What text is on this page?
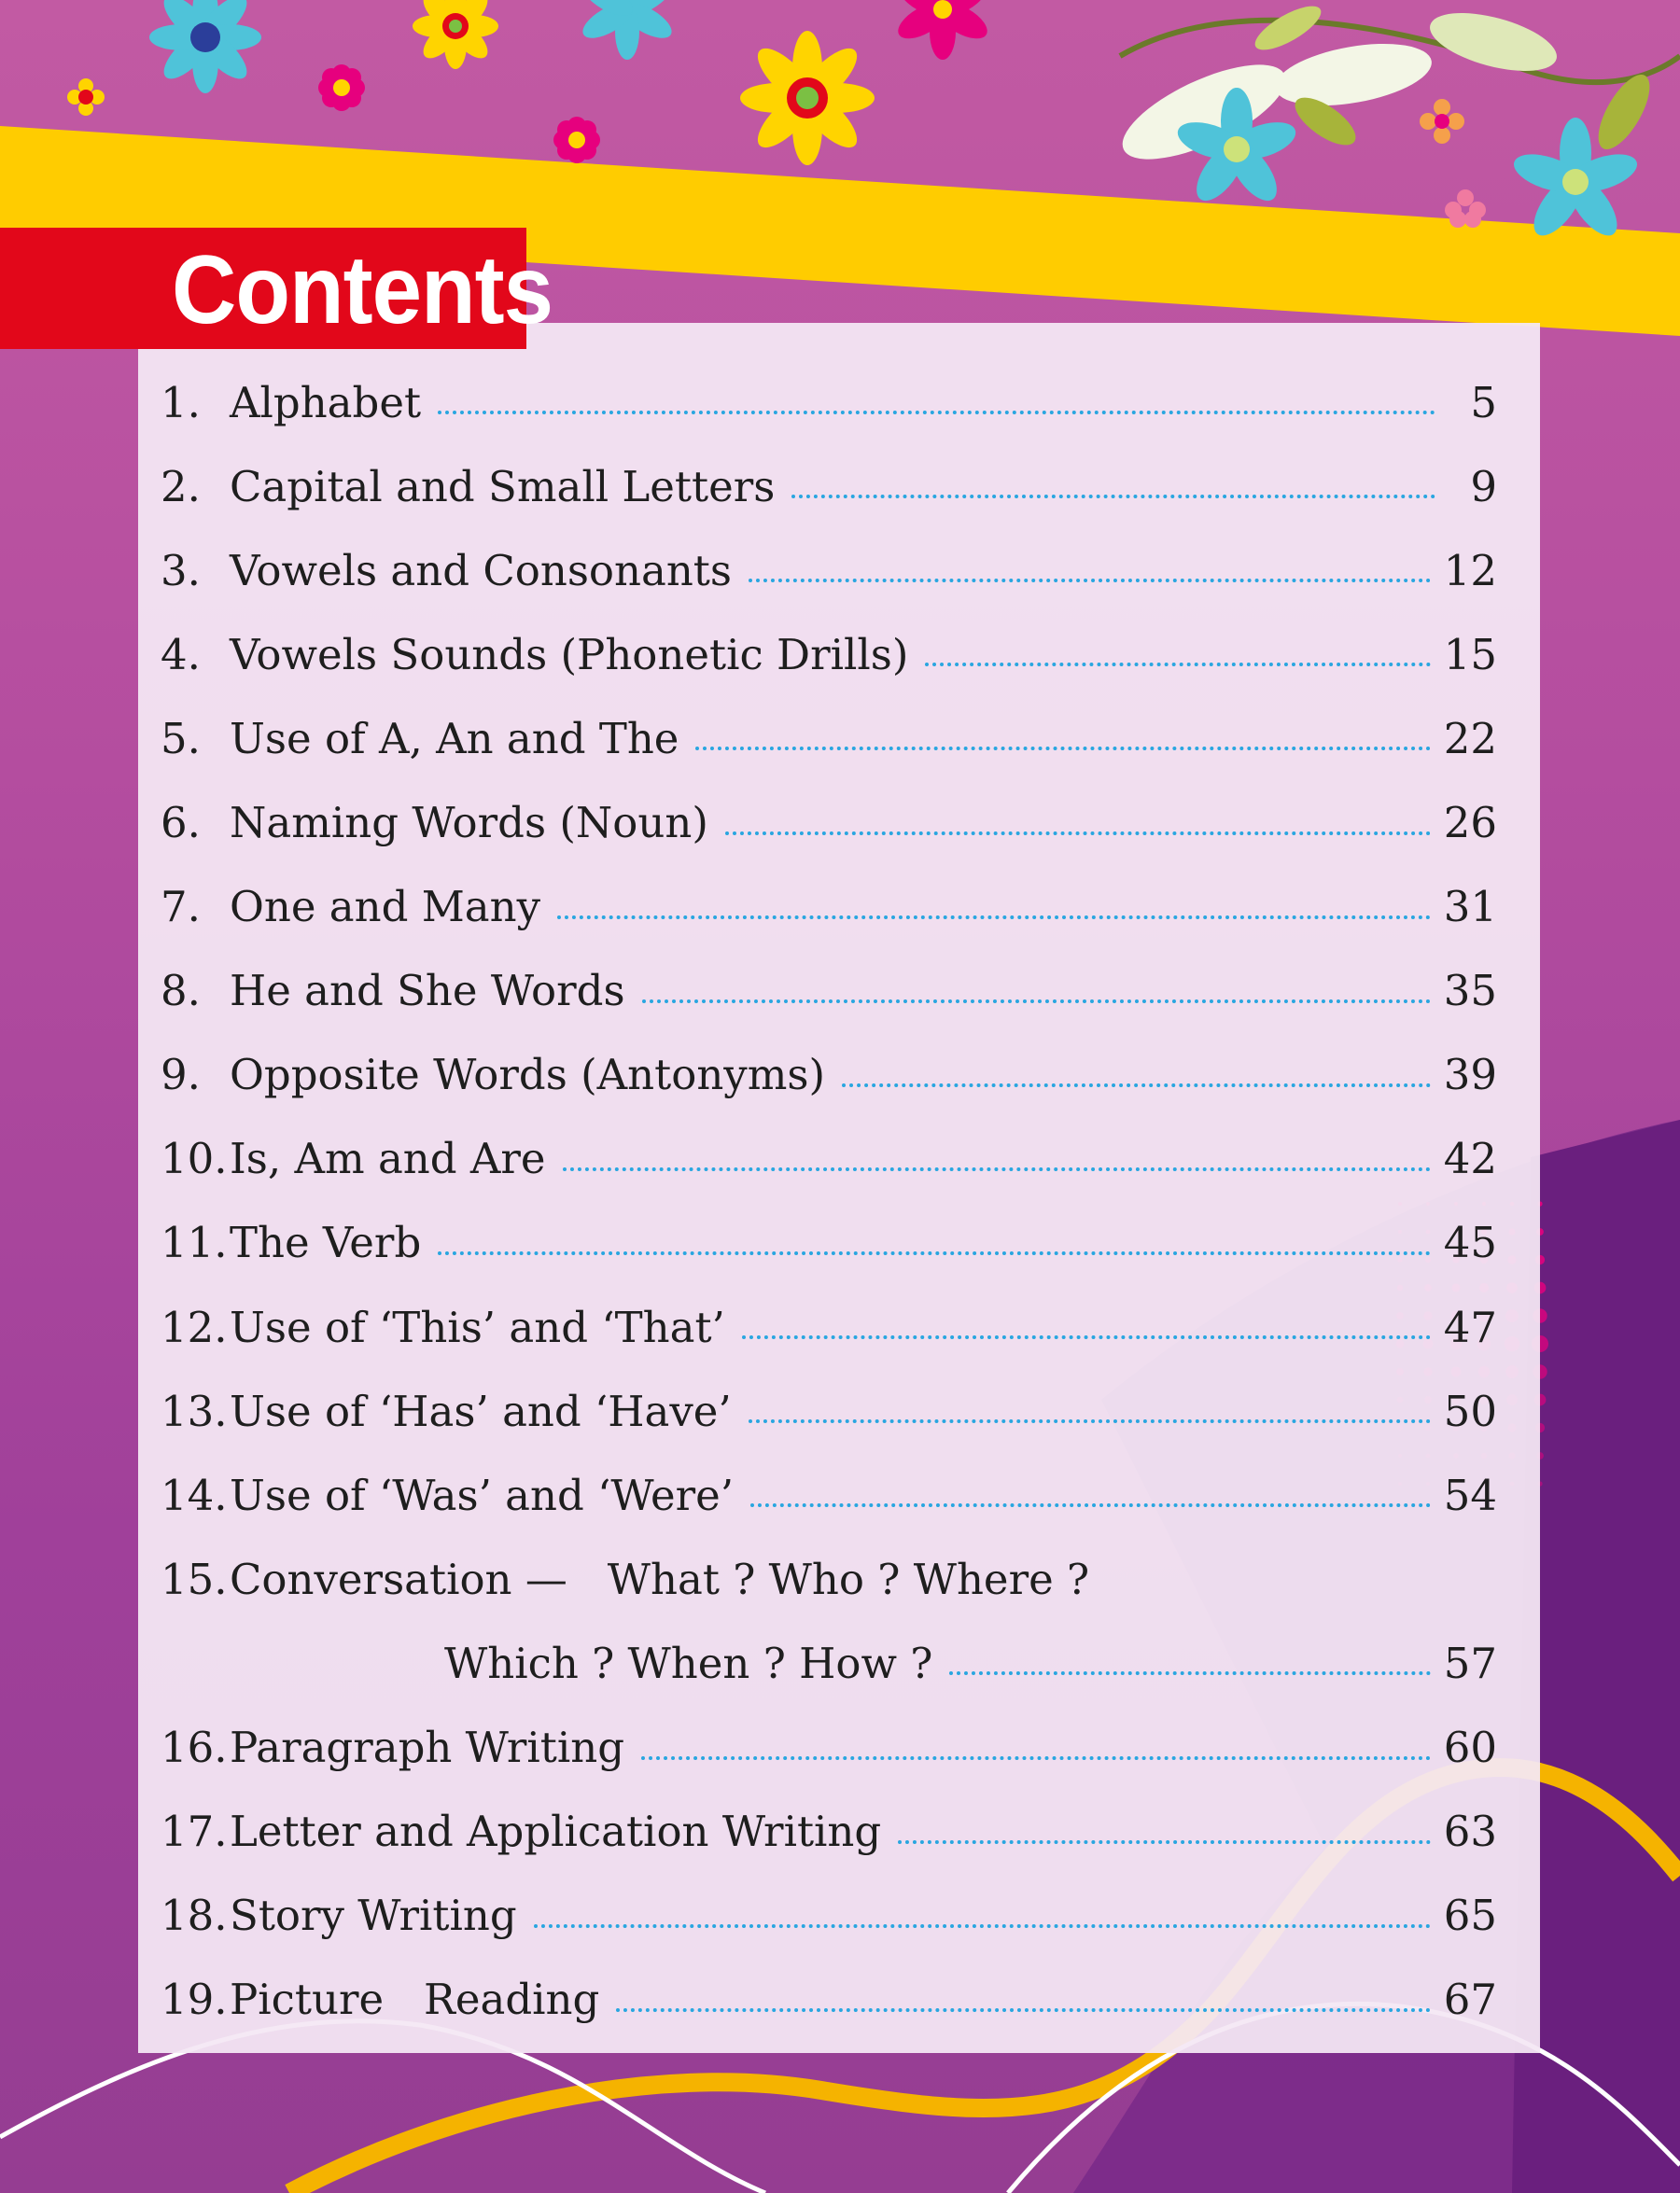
Contents
1. Alphabet	5
2. Capital and Small Letters	9
3. Vowels and Consonants	12
4. Vowels Sounds (Phonetic Drills)	15
5. Use of A, An and The	22
6. Naming Words (Noun)	26
7. One and Many	31
8. He and She Words	35
9. Opposite Words (Antonyms)	39
10. Is, Am and Are	42
11. The Verb	45
12. Use of ‘This’ and ‘That’	47
13. Use of ‘Has’ and ‘Have’	50
14. Use of ‘Was’ and ‘Were’	54
15. Conversation —   What ? Who ? Where ?
Which ? When ? How ?	57
16. Paragraph Writing	60
17. Letter and Application Writing	63
18. Story Writing	65
19. Picture   Reading	67
